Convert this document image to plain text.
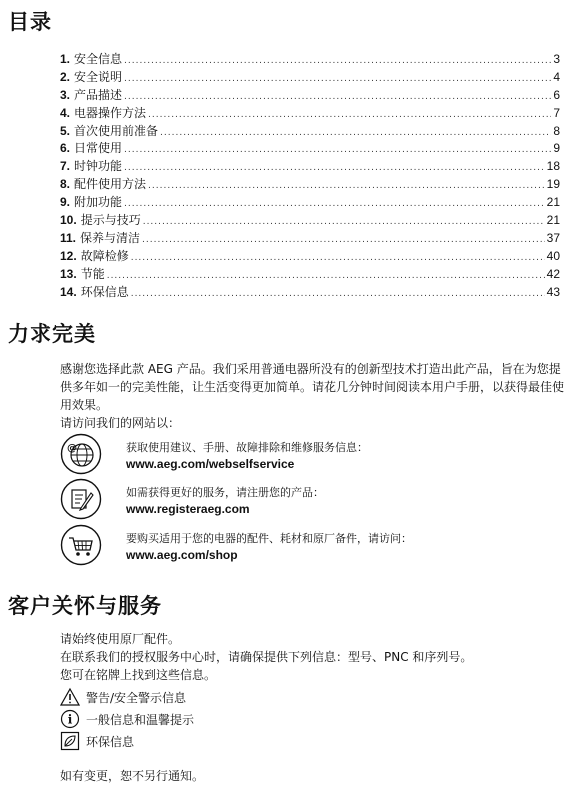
目录
1. 安全信息 .....	3
2. 安全说明 .....	4
3. 产品描述 .....	6
4. 电器操作方法 .....	7
5. 首次使用前准备 .....	8
6. 日常使用 .....	9
7. 时钟功能 .....	18
8. 配件使用方法 .....	19
9. 附加功能 .....	21
10. 提示与技巧 .....	21
11. 保养与清洁 .....	37
12. 故障检修 .....	40
13. 节能 .....	42
14. 环保信息 .....	43
力求完美
感谢您选择此款 AEG 产品。我们采用普通电器所没有的创新型技术打造出此产品，旨在为您提供多年如一的完美性能，让生活变得更加简单。请花几分钟时间阅读本用户手册，以获得最佳使用效果。
请访问我们的网站以：
@	获取使用建议、手册、故障排除和维修服务信息：
www.aeg.com/webselfservice
如需获得更好的服务，请注册您的产品：
www.registeraeg.com
要购买适用于您的电器的配件、耗材和原厂备件，请访问：
www.aeg.com/shop
客户关怀与服务
请始终使用原厂配件。
在联系我们的授权服务中心时，请确保提供下列信息：型号、PNC 和序列号。
您可在铭牌上找到这些信息。
警告/安全警示信息
i 一般信息和温馨提示
环保信息
如有变更，恕不另行通知。
